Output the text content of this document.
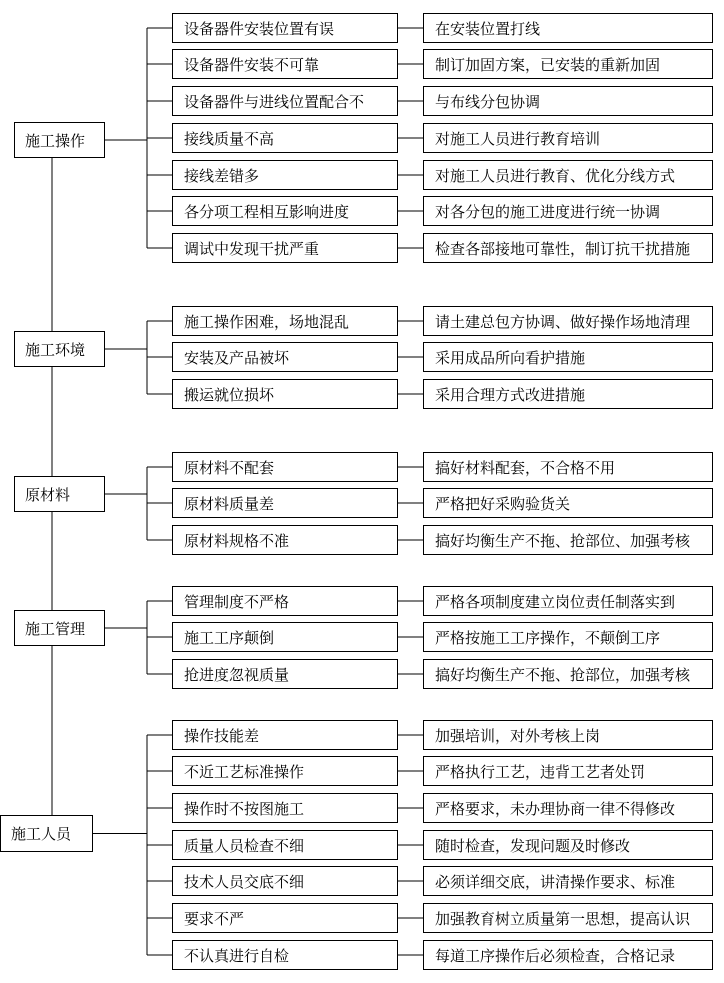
设备器件安装位置有误	在安装位置打线
设备器件安装不可靠	制订加固方案，已安装的重新加固
设备器件与进线位置配合不	与布线分包协调
接线质量不高	对施工人员进行教育培训
接线差错多	对施工人员进行教育、优化分线方式
各分项工程相互影响进度	对各分包的施工进度进行统一协调
调试中发现干扰严重	检查各部接地可靠性，制订抗干扰措施
施工操作
施工操作困难，场地混乱	请土建总包方协调、做好操作场地清理
安装及产品被坏	采用成品所向看护措施
搬运就位损坏	采用合理方式改进措施
施工环境
原材料不配套	搞好材料配套，不合格不用
原材料质量差	严格把好采购验货关
原材料规格不准	搞好均衡生产不拖、抢部位、加强考核
原材料
管理制度不严格	严格各项制度建立岗位责任制落实到
施工工序颠倒	严格按施工工序操作，不颠倒工序
抢进度忽视质量	搞好均衡生产不拖、抢部位，加强考核
施工管理
操作技能差	加强培训，对外考核上岗
不近工艺标准操作	严格执行工艺，违背工艺者处罚
操作时不按图施工	严格要求，未办理协商一律不得修改
质量人员检查不细	随时检查，发现问题及时修改
技术人员交底不细	必须详细交底，讲清操作要求、标准
要求不严	加强教育树立质量第一思想，提高认识
不认真进行自检	每道工序操作后必须检查，合格记录
施工人员
